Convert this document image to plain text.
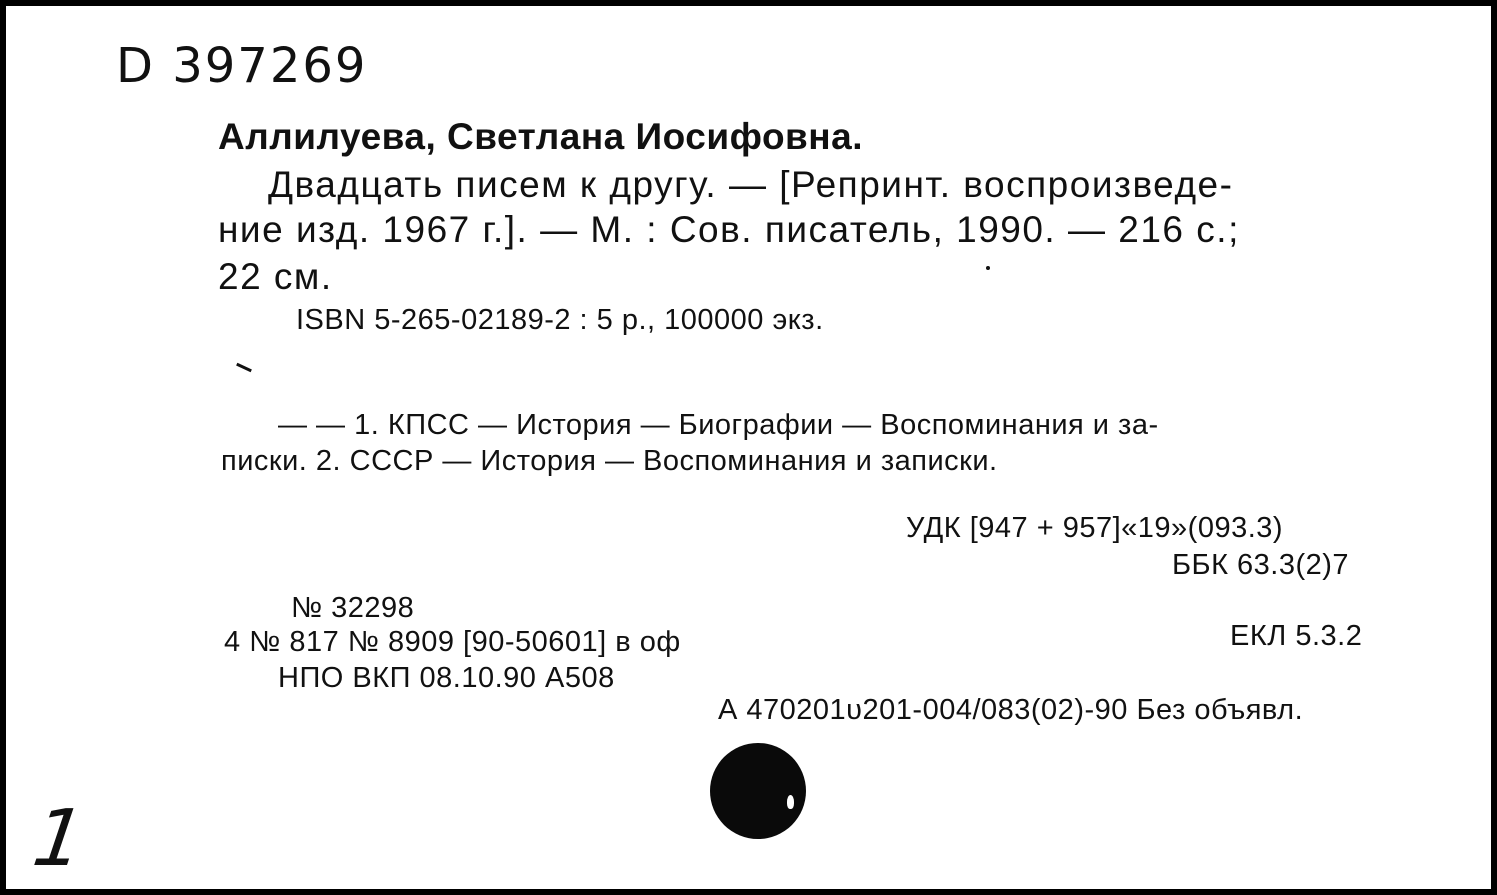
D 397269
Аллилуева, Светлана Иосифовна.
Двадцать писем к другу. — [Репринт. воспроизведе-
ние изд. 1967 г.]. — М. : Сов. писатель, 1990. — 216 с.;
22 см.
ISBN 5-265-02189-2 : 5 р., 100000 экз.
— — 1. КПСС — История — Биографии — Воспоминания и за-
писки. 2. СССР — История — Воспоминания и записки.
УДК [947 + 957]«19»(093.3)
ББК 63.3(2)7
№ 32298
4 № 817 № 8909 [90-50601] в оф
НПО ВКП 08.10.90 А508
ЕКЛ 5.3.2
А 470201υ201-004/083(02)-90 Без объявл.
1
